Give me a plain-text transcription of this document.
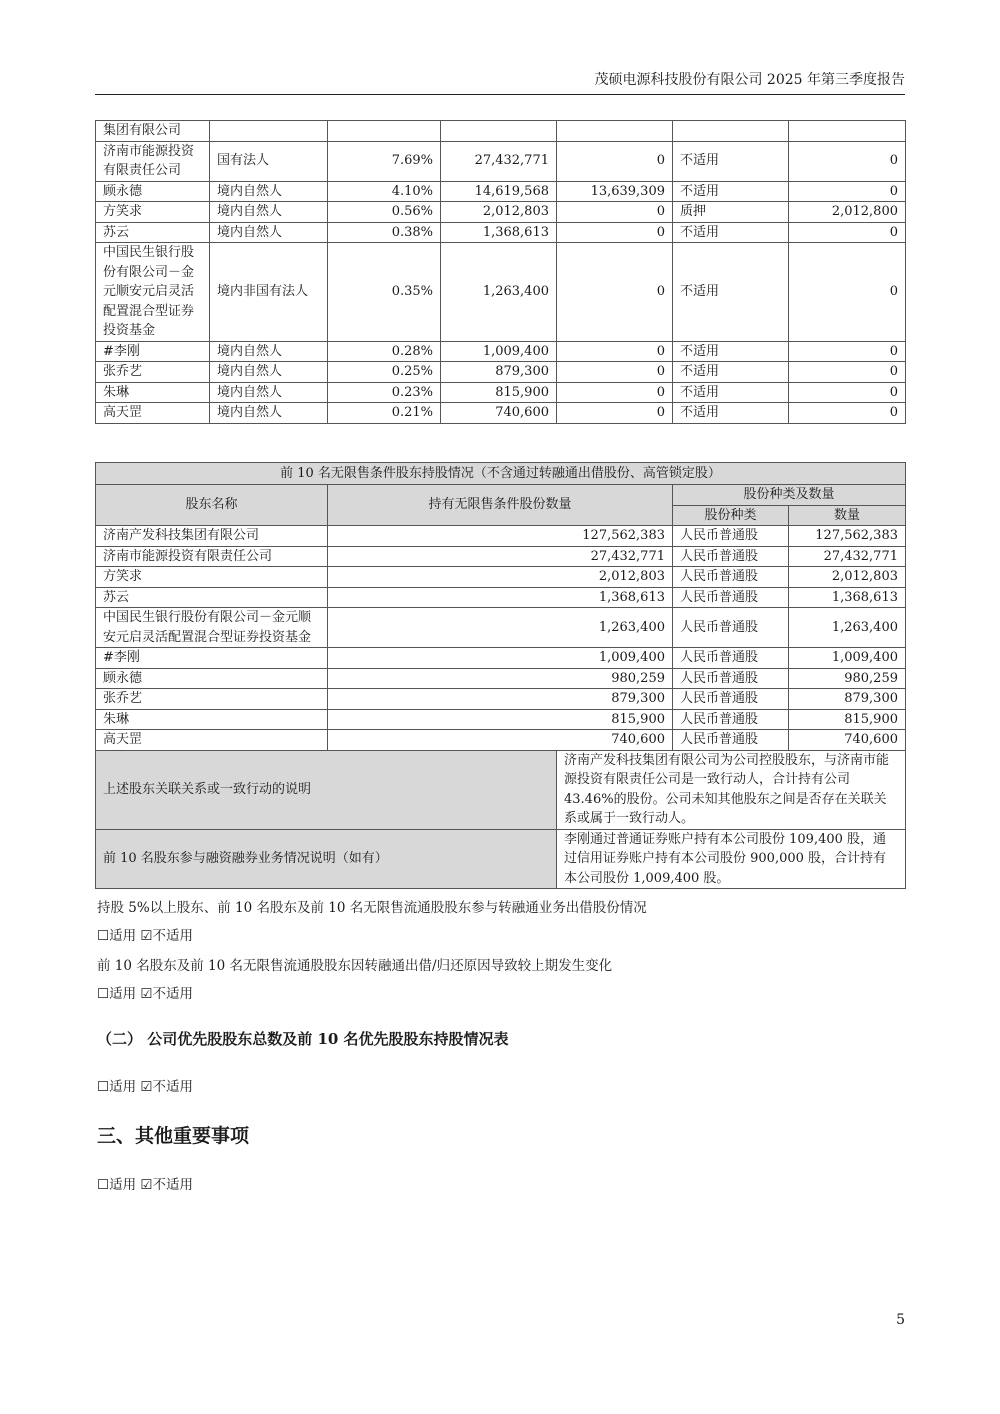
茂硕电源科技股份有限公司 2025 年第三季度报告
集团有限公司						
济南市能源投资有限责任公司	国有法人	7.69%	27,432,771	0	不适用	0
顾永德	境内自然人	4.10%	14,619,568	13,639,309	不适用	0
方笑求	境内自然人	0.56%	2,012,803	0	质押	2,012,800
苏云	境内自然人	0.38%	1,368,613	0	不适用	0
中国民生银行股份有限公司－金元顺安元启灵活配置混合型证券投资基金	境内非国有法人	0.35%	1,263,400	0	不适用	0
#李刚	境内自然人	0.28%	1,009,400	0	不适用	0
张乔艺	境内自然人	0.25%	879,300	0	不适用	0
朱琳	境内自然人	0.23%	815,900	0	不适用	0
高天罡	境内自然人	0.21%	740,600	0	不适用	0
前 10 名无限售条件股东持股情况（不含通过转融通出借股份、高管锁定股）				
股东名称	持有无限售条件股份数量		股份种类及数量	
			股份种类	数量
济南产发科技集团有限公司	127,562,383		人民币普通股	127,562,383
济南市能源投资有限责任公司	27,432,771		人民币普通股	27,432,771
方笑求	2,012,803		人民币普通股	2,012,803
苏云	1,368,613		人民币普通股	1,368,613
中国民生银行股份有限公司－金元顺安元启灵活配置混合型证券投资基金	1,263,400		人民币普通股	1,263,400
#李刚	1,009,400		人民币普通股	1,009,400
顾永德	980,259		人民币普通股	980,259
张乔艺	879,300		人民币普通股	879,300
朱琳	815,900		人民币普通股	815,900
高天罡	740,600		人民币普通股	740,600
上述股东关联关系或一致行动的说明		济南产发科技集团有限公司为公司控股股东，与济南市能源投资有限责任公司是一致行动人，合计持有公司 43.46%的股份。公司未知其他股东之间是否存在关联关系或属于一致行动人。		
前 10 名股东参与融资融券业务情况说明（如有）		李刚通过普通证券账户持有本公司股份 109,400 股，通过信用证券账户持有本公司股份 900,000 股，合计持有本公司股份 1,009,400 股。		
持股 5%以上股东、前 10 名股东及前 10 名无限售流通股股东参与转融通业务出借股份情况
☐适用 ☑不适用
前 10 名股东及前 10 名无限售流通股股东因转融通出借/归还原因导致较上期发生变化
☐适用 ☑不适用
（二） 公司优先股股东总数及前 10 名优先股股东持股情况表
☐适用 ☑不适用
三、其他重要事项
☐适用 ☑不适用
5
